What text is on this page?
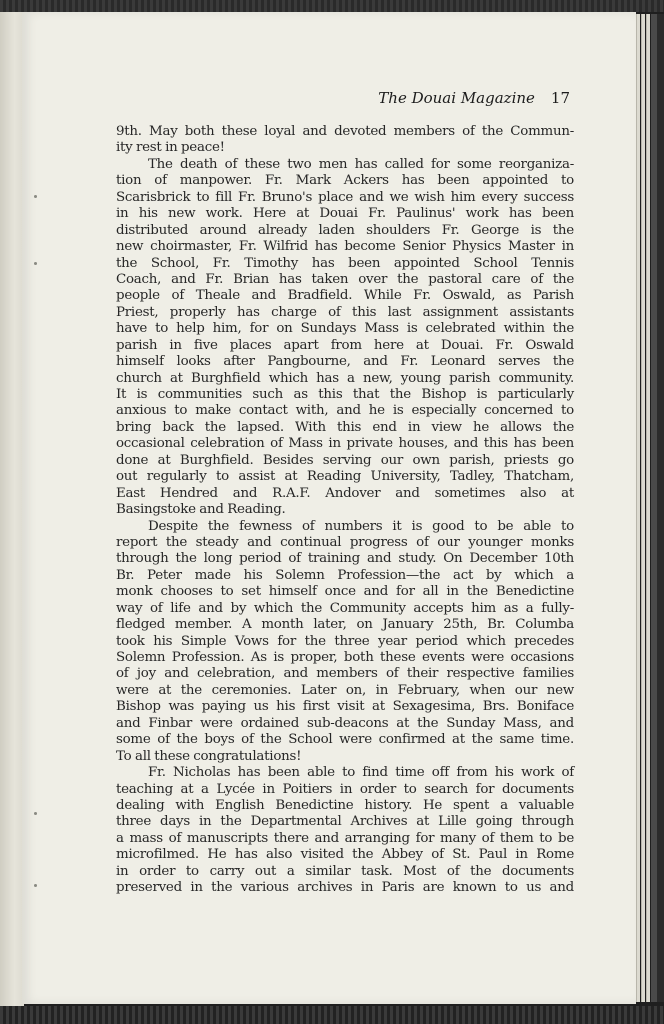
The Douai Magazine 17
9th. May both these loyal and devoted members of the Commun-
ity rest in peace!
The death of these two men has called for some reorganiza-
tion of manpower. Fr. Mark Ackers has been appointed to
Scarisbrick to fill Fr. Bruno's place and we wish him every success
in his new work. Here at Douai Fr. Paulinus' work has been
distributed around already laden shoulders Fr. George is the
new choirmaster, Fr. Wilfrid has become Senior Physics Master in
the School, Fr. Timothy has been appointed School Tennis
Coach, and Fr. Brian has taken over the pastoral care of the
people of Theale and Bradfield. While Fr. Oswald, as Parish
Priest, properly has charge of this last assignment assistants
have to help him, for on Sundays Mass is celebrated within the
parish in five places apart from here at Douai. Fr. Oswald
himself looks after Pangbourne, and Fr. Leonard serves the
church at Burghfield which has a new, young parish community.
It is communities such as this that the Bishop is particularly
anxious to make contact with, and he is especially concerned to
bring back the lapsed. With this end in view he allows the
occasional celebration of Mass in private houses, and this has been
done at Burghfield. Besides serving our own parish, priests go
out regularly to assist at Reading University, Tadley, Thatcham,
East Hendred and R.A.F. Andover and sometimes also at
Basingstoke and Reading.
Despite the fewness of numbers it is good to be able to
report the steady and continual progress of our younger monks
through the long period of training and study. On December 10th
Br. Peter made his Solemn Profession—the act by which a
monk chooses to set himself once and for all in the Benedictine
way of life and by which the Community accepts him as a fully-
fledged member. A month later, on January 25th, Br. Columba
took his Simple Vows for the three year period which precedes
Solemn Profession. As is proper, both these events were occasions
of joy and celebration, and members of their respective families
were at the ceremonies. Later on, in February, when our new
Bishop was paying us his first visit at Sexagesima, Brs. Boniface
and Finbar were ordained sub-deacons at the Sunday Mass, and
some of the boys of the School were confirmed at the same time.
To all these congratulations!
Fr. Nicholas has been able to find time off from his work of
teaching at a Lycée in Poitiers in order to search for documents
dealing with English Benedictine history. He spent a valuable
three days in the Departmental Archives at Lille going through
a mass of manuscripts there and arranging for many of them to be
microfilmed. He has also visited the Abbey of St. Paul in Rome
in order to carry out a similar task. Most of the documents
preserved in the various archives in Paris are known to us and
